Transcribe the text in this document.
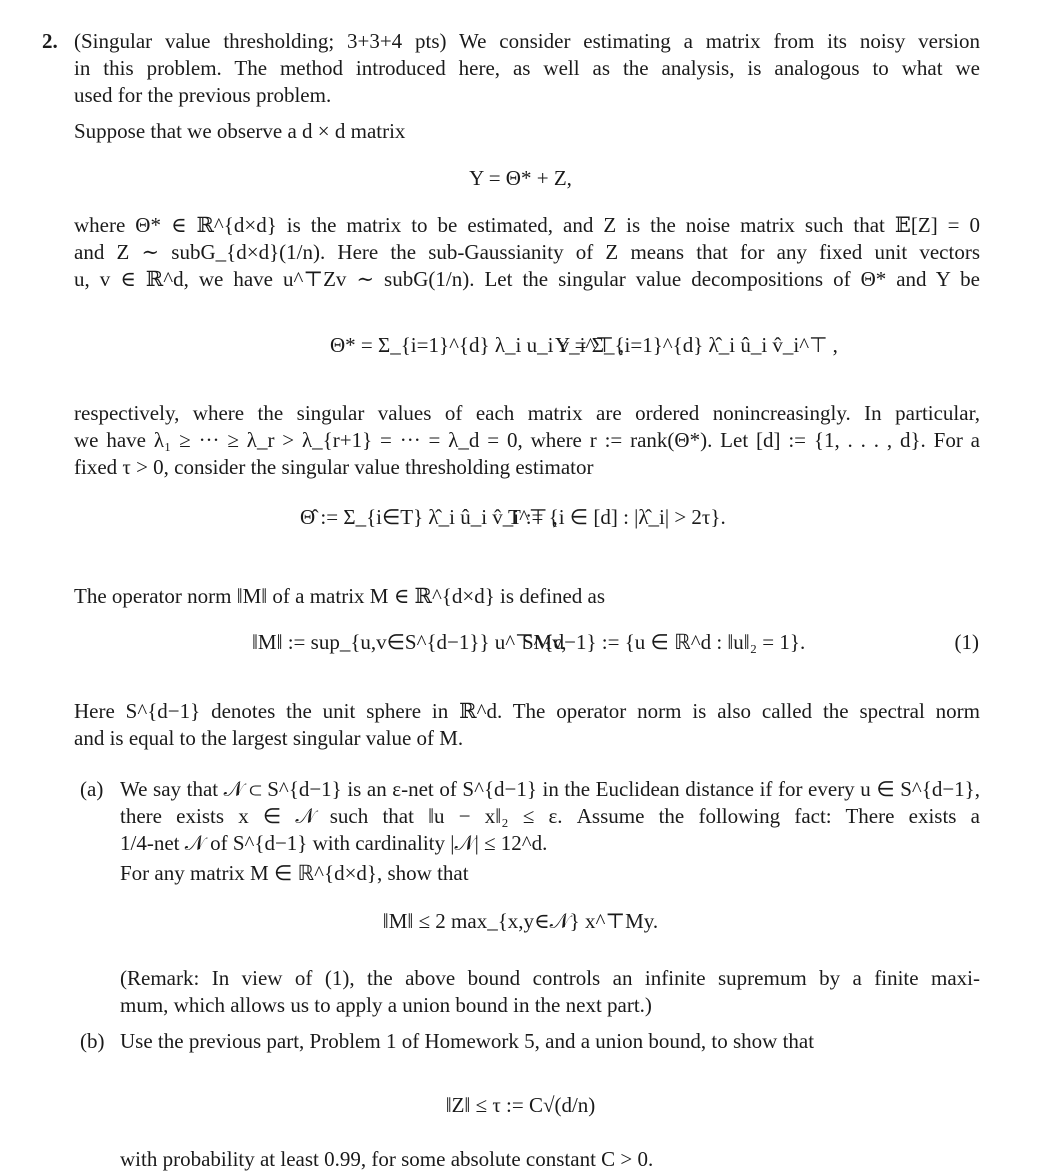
2. (Singular value thresholding; 3+3+4 pts) We consider estimating a matrix from its noisy version
in this problem. The method introduced here, as well as the analysis, is analogous to what we
used for the previous problem.
Suppose that we observe a d × d matrix
Y = Θ* + Z,
where Θ* ∈ ℝ^{d×d} is the matrix to be estimated, and Z is the noise matrix such that 𝔼[Z] = 0
and Z ∼ subG_{d×d}(1/n). Here the sub-Gaussianity of Z means that for any fixed unit vectors
u, v ∈ ℝ^d, we have u^⊤Zv ∼ subG(1/n). Let the singular value decompositions of Θ* and Y be
Θ* = Σ_{i=1}^{d} λ_i u_i v_i^⊤ ,
Y = Σ_{i=1}^{d} λ̂_i û_i v̂_i^⊤ ,
respectively, where the singular values of each matrix are ordered nonincreasingly. In particular,
we have λ₁ ≥ ··· ≥ λ_r > λ_{r+1} = ··· = λ_d = 0, where r := rank(Θ*). Let [d] := {1, . . . , d}. For a
fixed τ > 0, consider the singular value thresholding estimator
Θ̂ := Σ_{i∈T} λ̂_i û_i v̂_i^⊤ ,
T := {i ∈ [d] : |λ̂_i| > 2τ}.
The operator norm ‖M‖ of a matrix M ∈ ℝ^{d×d} is defined as
‖M‖ := sup_{u,v∈S^{d−1}} u^⊤Mv,
S^{d−1} := {u ∈ ℝ^d : ‖u‖₂ = 1}.	(1)
Here S^{d−1} denotes the unit sphere in ℝ^d. The operator norm is also called the spectral norm
and is equal to the largest singular value of M.
(a) We say that 𝒩 ⊂ S^{d−1} is an ε-net of S^{d−1} in the Euclidean distance if for every u ∈ S^{d−1},
there exists x ∈ 𝒩 such that ‖u − x‖₂ ≤ ε. Assume the following fact: There exists a
1/4-net 𝒩 of S^{d−1} with cardinality |𝒩| ≤ 12^d.
For any matrix M ∈ ℝ^{d×d}, show that
‖M‖ ≤ 2 max_{x,y∈𝒩} x^⊤My.
(Remark: In view of (1), the above bound controls an infinite supremum by a finite maxi-
mum, which allows us to apply a union bound in the next part.)
(b) Use the previous part, Problem 1 of Homework 5, and a union bound, to show that
‖Z‖ ≤ τ := C√(d/n)
with probability at least 0.99, for some absolute constant C > 0.
